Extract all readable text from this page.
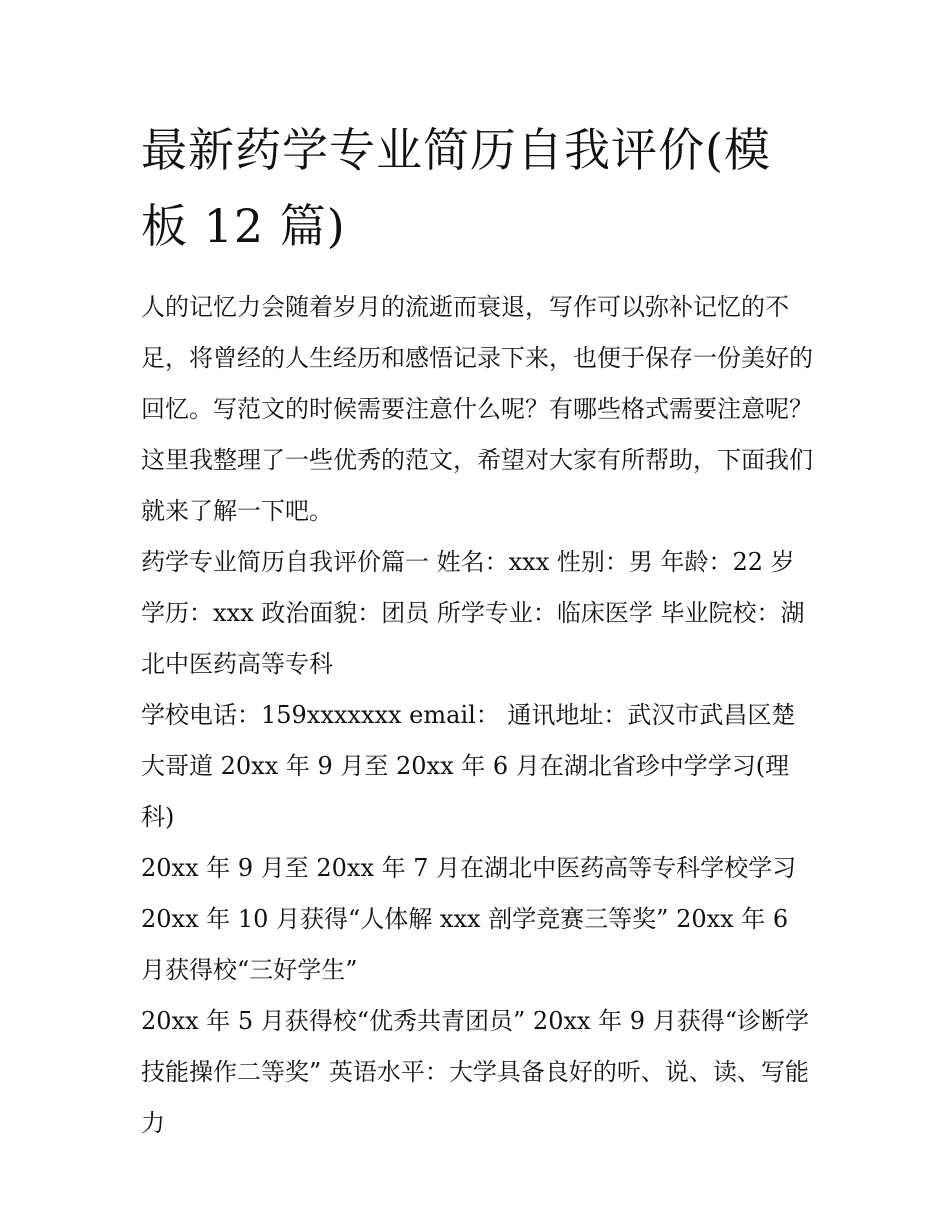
最新药学专业简历自我评价(模板 12 篇)

人的记忆力会随着岁月的流逝而衰退，写作可以弥补记忆的不足，将曾经的人生经历和感悟记录下来，也便于保存一份美好的回忆。写范文的时候需要注意什么呢？有哪些格式需要注意呢？这里我整理了一些优秀的范文，希望对大家有所帮助，下面我们就来了解一下吧。

药学专业简历自我评价篇一 姓名：xxx 性别：男 年龄：22 岁学历：xxx 政治面貌：团员 所学专业：临床医学 毕业院校：湖北中医药高等专科

学校电话：159xxxxxxx email： 通讯地址：武汉市武昌区楚大哥道 20xx 年 9 月至 20xx 年 6 月在湖北省珍中学学习(理科)

20xx 年 9 月至 20xx 年 7 月在湖北中医药高等专科学校学习

20xx 年 10 月获得“人体解 xxx 剖学竞赛三等奖” 20xx 年 6 月获得校“三好学生”

20xx 年 5 月获得校“优秀共青团员” 20xx 年 9 月获得“诊断学技能操作二等奖” 英语水平：大学具备良好的听、说、读、写能力
